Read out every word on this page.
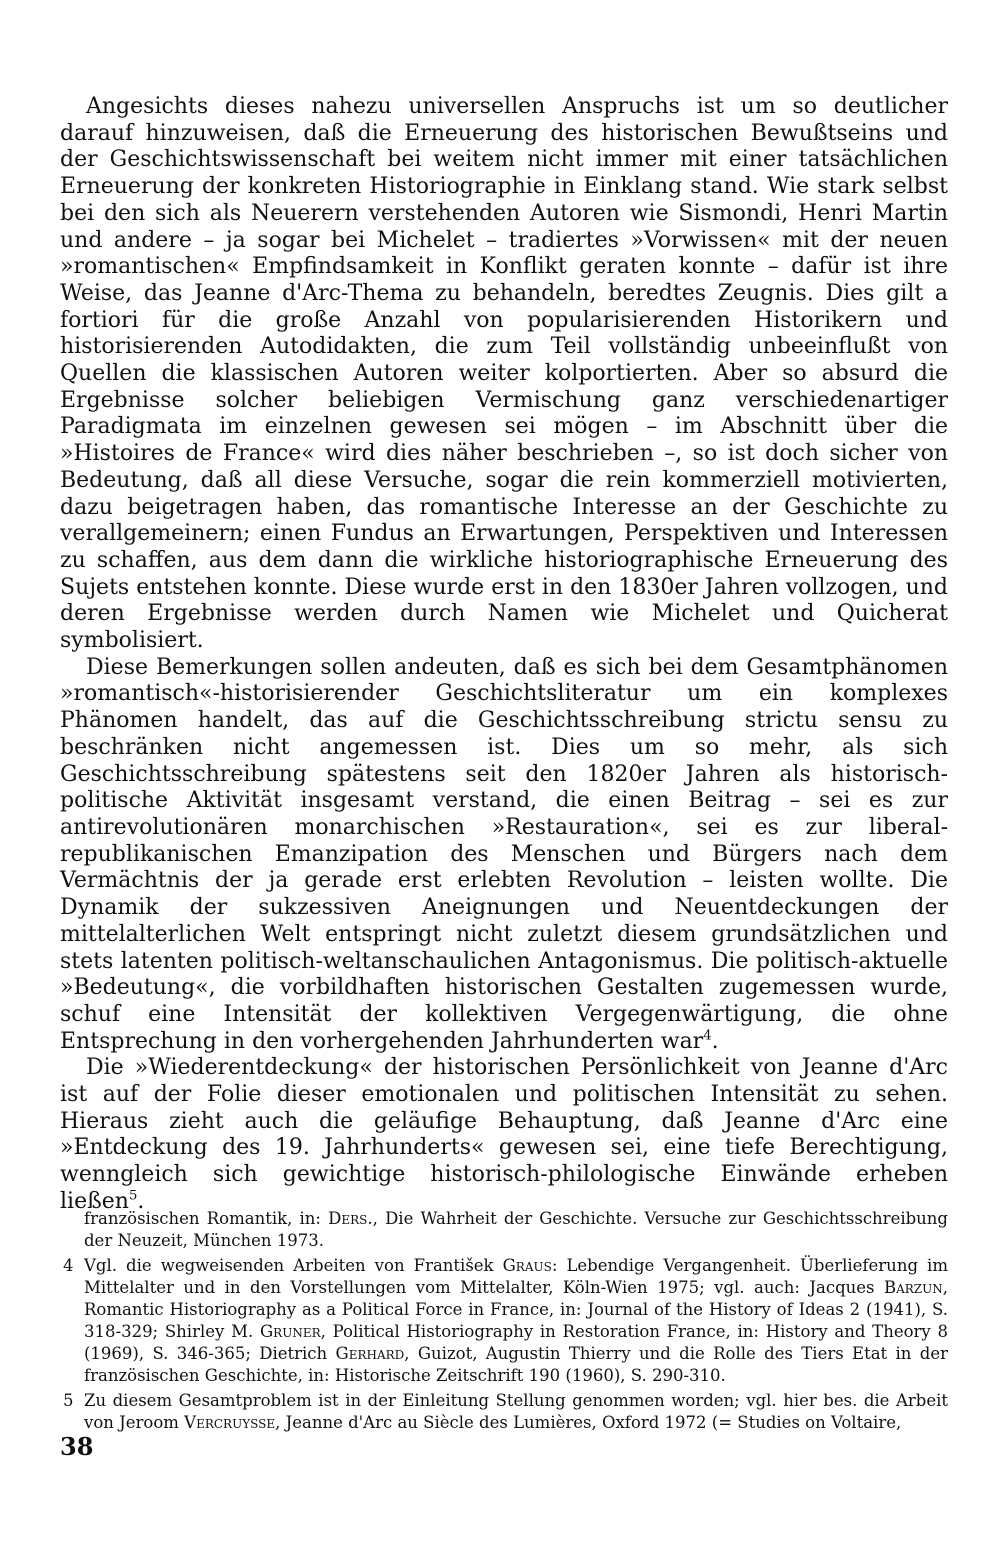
Angesichts dieses nahezu universellen Anspruchs ist um so deutlicher darauf hinzuweisen, daß die Erneuerung des historischen Bewußtseins und der Geschichtswissenschaft bei weitem nicht immer mit einer tatsächlichen Erneuerung der konkreten Historiographie in Einklang stand. Wie stark selbst bei den sich als Neuerern verstehenden Autoren wie Sismondi, Henri Martin und andere – ja sogar bei Michelet – tradiertes »Vorwissen« mit der neuen »romantischen« Empfindsamkeit in Konflikt geraten konnte – dafür ist ihre Weise, das Jeanne d'Arc-Thema zu behandeln, beredtes Zeugnis. Dies gilt a fortiori für die große Anzahl von popularisierenden Historikern und historisierenden Autodidakten, die zum Teil vollständig unbeeinflußt von Quellen die klassischen Autoren weiter kolportierten. Aber so absurd die Ergebnisse solcher beliebigen Vermischung ganz verschiedenartiger Paradigmata im einzelnen gewesen sei mögen – im Abschnitt über die »Histoires de France« wird dies näher beschrieben –, so ist doch sicher von Bedeutung, daß all diese Versuche, sogar die rein kommerziell motivierten, dazu beigetragen haben, das romantische Interesse an der Geschichte zu verallgemeinern; einen Fundus an Erwartungen, Perspektiven und Interessen zu schaffen, aus dem dann die wirkliche historiographische Erneuerung des Sujets entstehen konnte. Diese wurde erst in den 1830er Jahren vollzogen, und deren Ergebnisse werden durch Namen wie Michelet und Quicherat symbolisiert.

Diese Bemerkungen sollen andeuten, daß es sich bei dem Gesamtphänomen »romantisch«-historisierender Geschichtsliteratur um ein komplexes Phänomen handelt, das auf die Geschichtsschreibung strictu sensu zu beschränken nicht angemessen ist. Dies um so mehr, als sich Geschichtsschreibung spätestens seit den 1820er Jahren als historisch-politische Aktivität insgesamt verstand, die einen Beitrag – sei es zur antirevolutionären monarchischen »Restauration«, sei es zur liberalrepublikanischen Emanzipation des Menschen und Bürgers nach dem Vermächtnis der ja gerade erst erlebten Revolution – leisten wollte. Die Dynamik der sukzessiven Aneignungen und Neuentdeckungen der mittelalterlichen Welt entspringt nicht zuletzt diesem grundsätzlichen und stets latenten politisch-weltanschaulichen Antagonismus. Die politisch-aktuelle »Bedeutung«, die vorbildhaften historischen Gestalten zugemessen wurde, schuf eine Intensität der kollektiven Vergegenwärtigung, die ohne Entsprechung in den vorhergehenden Jahrhunderten war$^4$.

Die »Wiederentdeckung« der historischen Persönlichkeit von Jeanne d'Arc ist auf der Folie dieser emotionalen und politischen Intensität zu sehen. Hieraus zieht auch die geläufige Behauptung, daß Jeanne d'Arc eine »Entdeckung des 19. Jahrhunderts« gewesen sei, eine tiefe Berechtigung, wenngleich sich gewichtige historisch-philologische Einwände erheben ließen$^5$.

französischen Romantik, in: Ders., Die Wahrheit der Geschichte. Versuche zur Geschichtsschreibung der Neuzeit, München 1973.

4 Vgl. die wegweisenden Arbeiten von František Graus: Lebendige Vergangenheit. Überlieferung im Mittelalter und in den Vorstellungen vom Mittelalter, Köln-Wien 1975; vgl. auch: Jacques Barzun, Romantic Historiography as a Political Force in France, in: Journal of the History of Ideas 2 (1941), S. 318-329; Shirley M. Gruner, Political Historiography in Restoration France, in: History and Theory 8 (1969), S. 346-365; Dietrich Gerhard, Guizot, Augustin Thierry und die Rolle des Tiers Etat in der französischen Geschichte, in: Historische Zeitschrift 190 (1960), S. 290-310.

5 Zu diesem Gesamtproblem ist in der Einleitung Stellung genommen worden; vgl. hier bes. die Arbeit von Jeroom Vercruysse, Jeanne d'Arc au Siècle des Lumières, Oxford 1972 (= Studies on Voltaire,

38
